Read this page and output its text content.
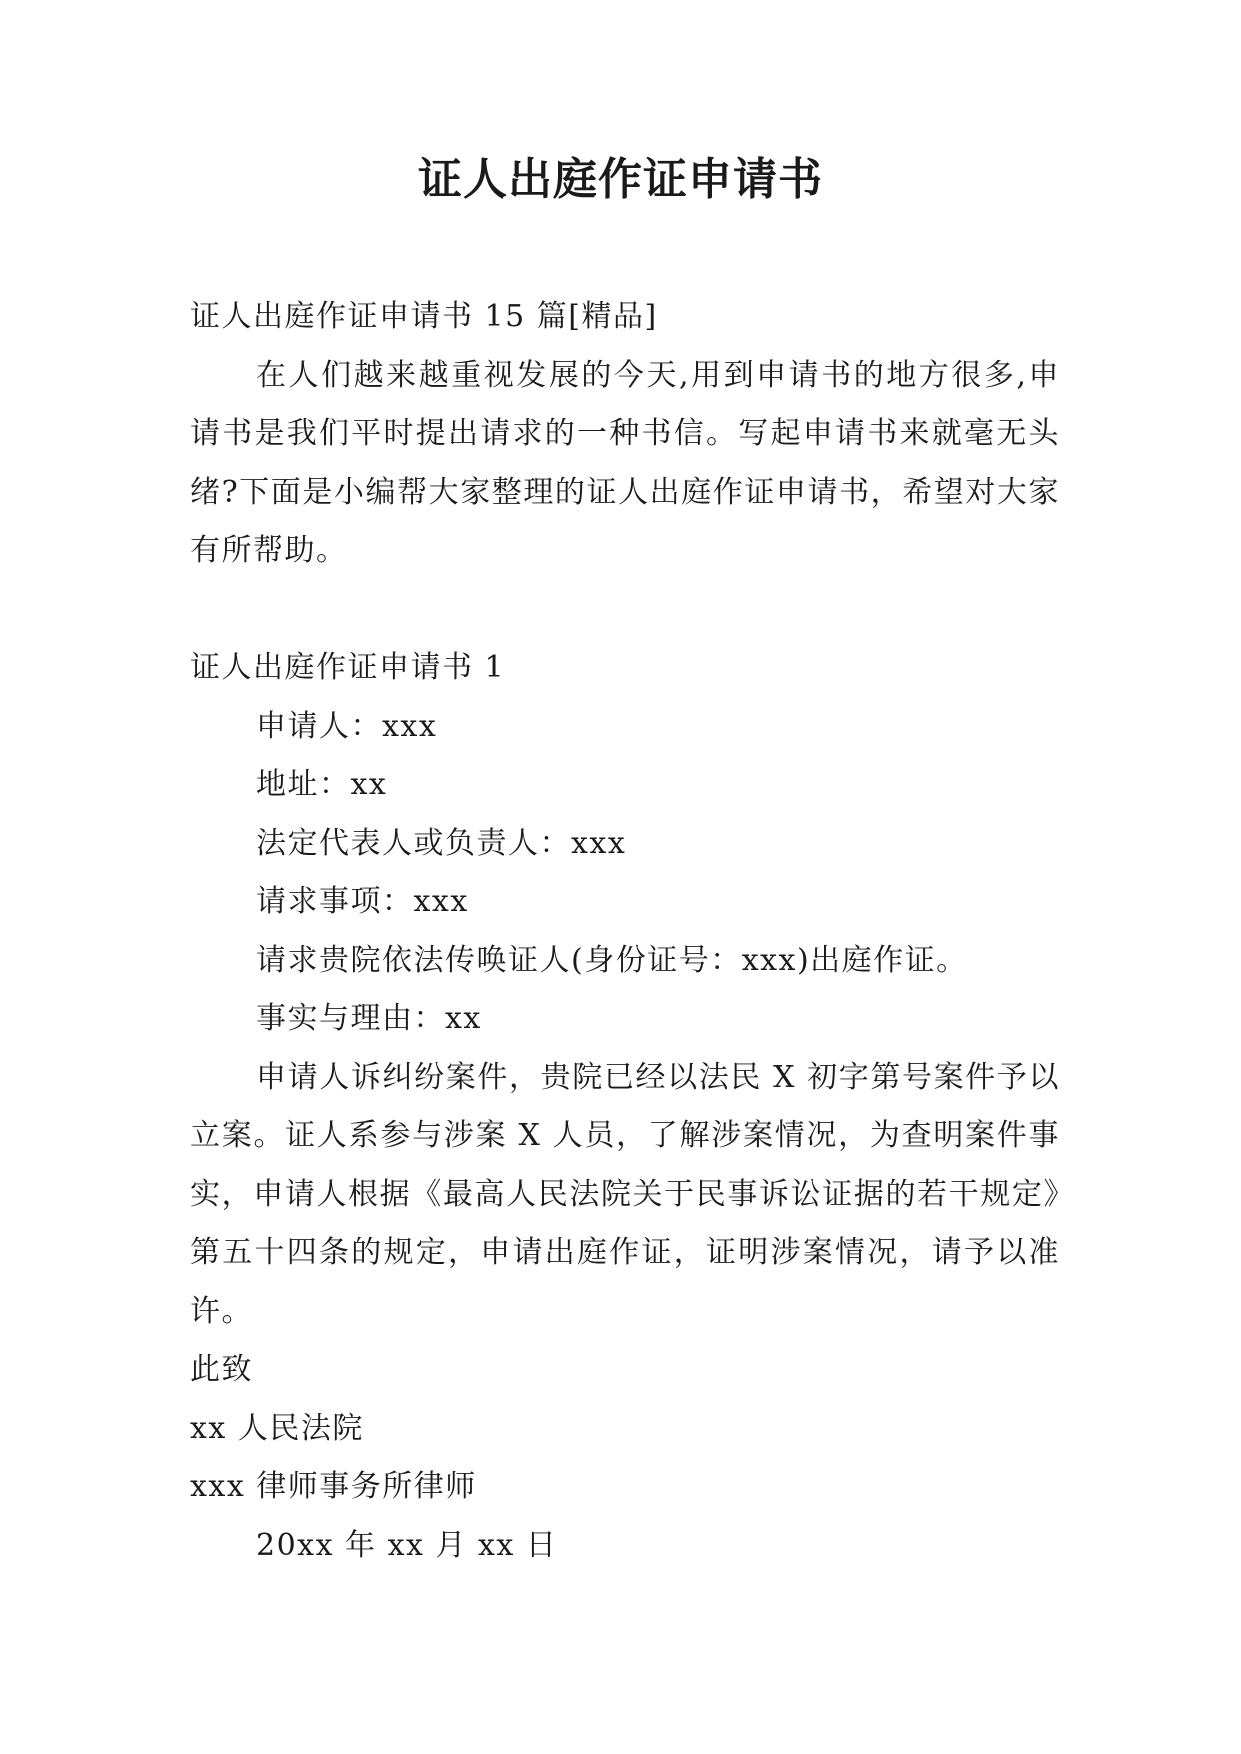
证人出庭作证申请书
证人出庭作证申请书 15 篇[精品]
在人们越来越重视发展的今天,用到申请书的地方很多,申请书是我们平时提出请求的一种书信。写起申请书来就毫无头绪?下面是小编帮大家整理的证人出庭作证申请书，希望对大家有所帮助。
证人出庭作证申请书 1
申请人：xxx
地址：xx
法定代表人或负责人：xxx
请求事项：xxx
请求贵院依法传唤证人(身份证号：xxx)出庭作证。
事实与理由：xx
申请人诉纠纷案件，贵院已经以法民 X 初字第号案件予以立案。证人系参与涉案 X 人员，了解涉案情况，为查明案件事实，申请人根据《最高人民法院关于民事诉讼证据的若干规定》第五十四条的规定，申请出庭作证，证明涉案情况，请予以准许。
此致
xx 人民法院
xxx 律师事务所律师
20xx 年 xx 月 xx 日
